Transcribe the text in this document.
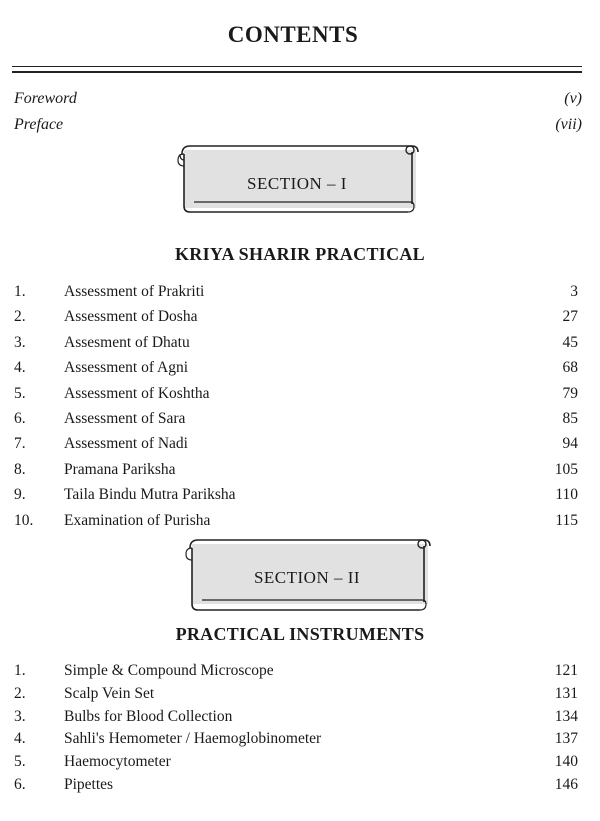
CONTENTS
Foreword	(v)
Preface	(vii)
SECTION – I
KRIYA SHARIR PRACTICAL
1. Assessment of Prakriti	3
2. Assessment of Dosha	27
3. Assesment of Dhatu	45
4. Assessment of Agni	68
5. Assessment of Koshtha	79
6. Assessment of Sara	85
7. Assessment of Nadi	94
8. Pramana Pariksha	105
9. Taila Bindu Mutra Pariksha	110
10. Examination of Purisha	115
SECTION – II
PRACTICAL INSTRUMENTS
1. Simple & Compound Microscope	121
2. Scalp Vein Set	131
3. Bulbs for Blood Collection	134
4. Sahli's Hemometer / Haemoglobinometer	137
5. Haemocytometer	140
6. Pipettes	146
